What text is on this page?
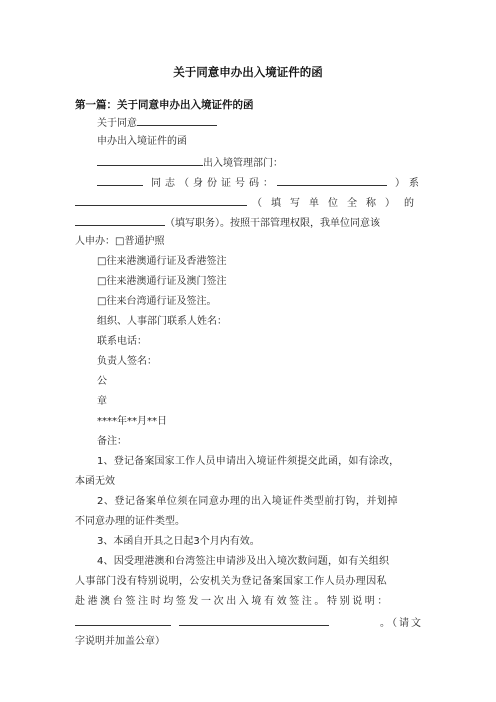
关于同意申办出入境证件的函
第一篇：关于同意申办出入境证件的函
关于同意
申办出入境证件的函
出入境管理部门：
同志（身份证号码：	）系
（填写单位全称）的
（填写职务）。按照干部管理权限，我单位同意该
人申办：□普通护照
□往来港澳通行证及香港签注
□往来港澳通行证及澳门签注
□往来台湾通行证及签注。
组织、人事部门联系人姓名：
联系电话：
负责人签名：
公
章
****年**月**日
备注：
1、登记备案国家工作人员申请出入境证件须提交此函，如有涂改，
本函无效
2、登记备案单位须在同意办理的出入境证件类型前打钩，并划掉
不同意办理的证件类型。
3、本函自开具之日起3个月内有效。
4、因受理港澳和台湾签注申请涉及出入境次数问题，如有关组织
人事部门没有特别说明，公安机关为登记备案国家工作人员办理因私
赴港澳台签注时均签发一次出入境有效签注。特别说明：
。（请文
字说明并加盖公章）
